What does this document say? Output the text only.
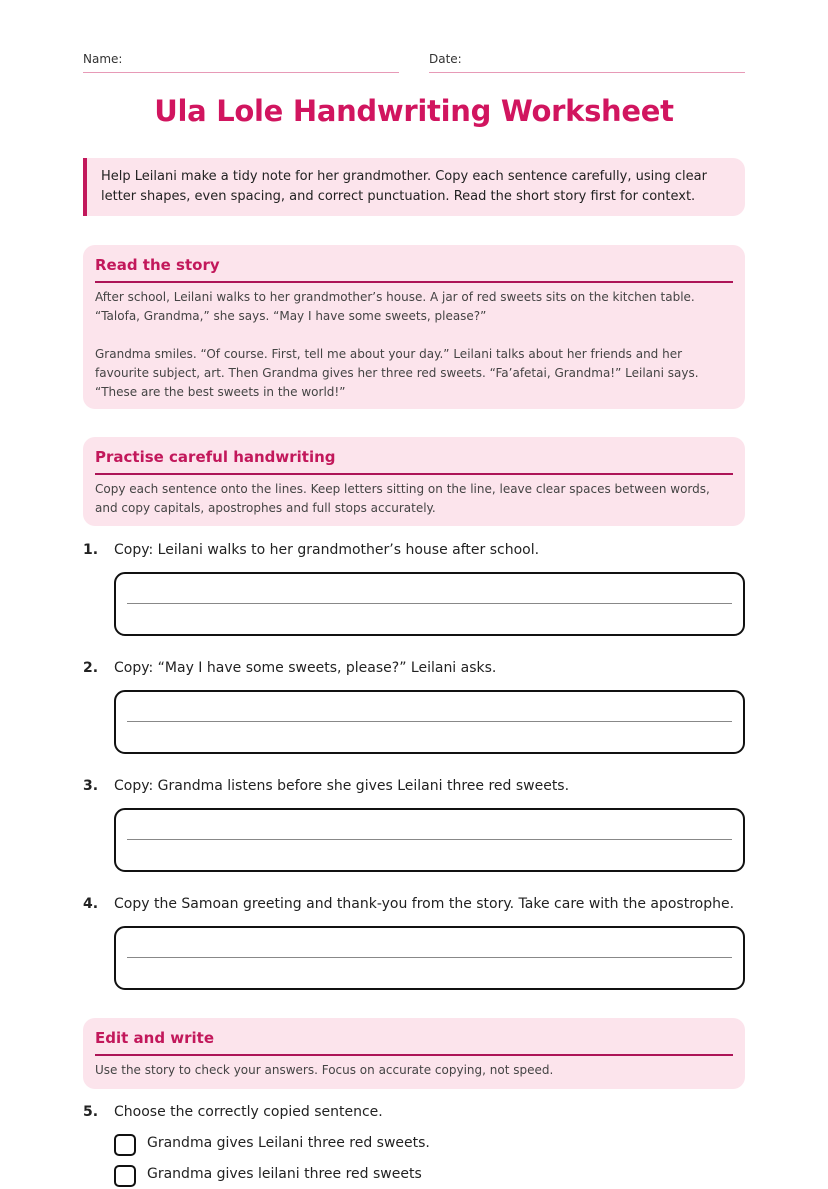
Name:	Date:
Ula Lole Handwriting Worksheet
Help Leilani make a tidy note for her grandmother. Copy each sentence carefully, using clear letter shapes, even spacing, and correct punctuation. Read the short story first for context.
Read the story

After school, Leilani walks to her grandmother’s house. A jar of red sweets sits on the kitchen table. “Talofa, Grandma,” she says. “May I have some sweets, please?”

Grandma smiles. “Of course. First, tell me about your day.” Leilani talks about her friends and her favourite subject, art. Then Grandma gives her three red sweets. “Fa’afetai, Grandma!” Leilani says. “These are the best sweets in the world!”

Practise careful handwriting
Copy each sentence onto the lines. Keep letters sitting on the line, leave clear spaces between words, and copy capitals, apostrophes and full stops accurately.
1. Copy: Leilani walks to her grandmother’s house after school.
2. Copy: “May I have some sweets, please?” Leilani asks.
3. Copy: Grandma listens before she gives Leilani three red sweets.
4. Copy the Samoan greeting and thank-you from the story. Take care with the apostrophe.
Edit and write
Use the story to check your answers. Focus on accurate copying, not speed.
5. Choose the correctly copied sentence.
Grandma gives Leilani three red sweets.
Grandma gives leilani three red sweets
